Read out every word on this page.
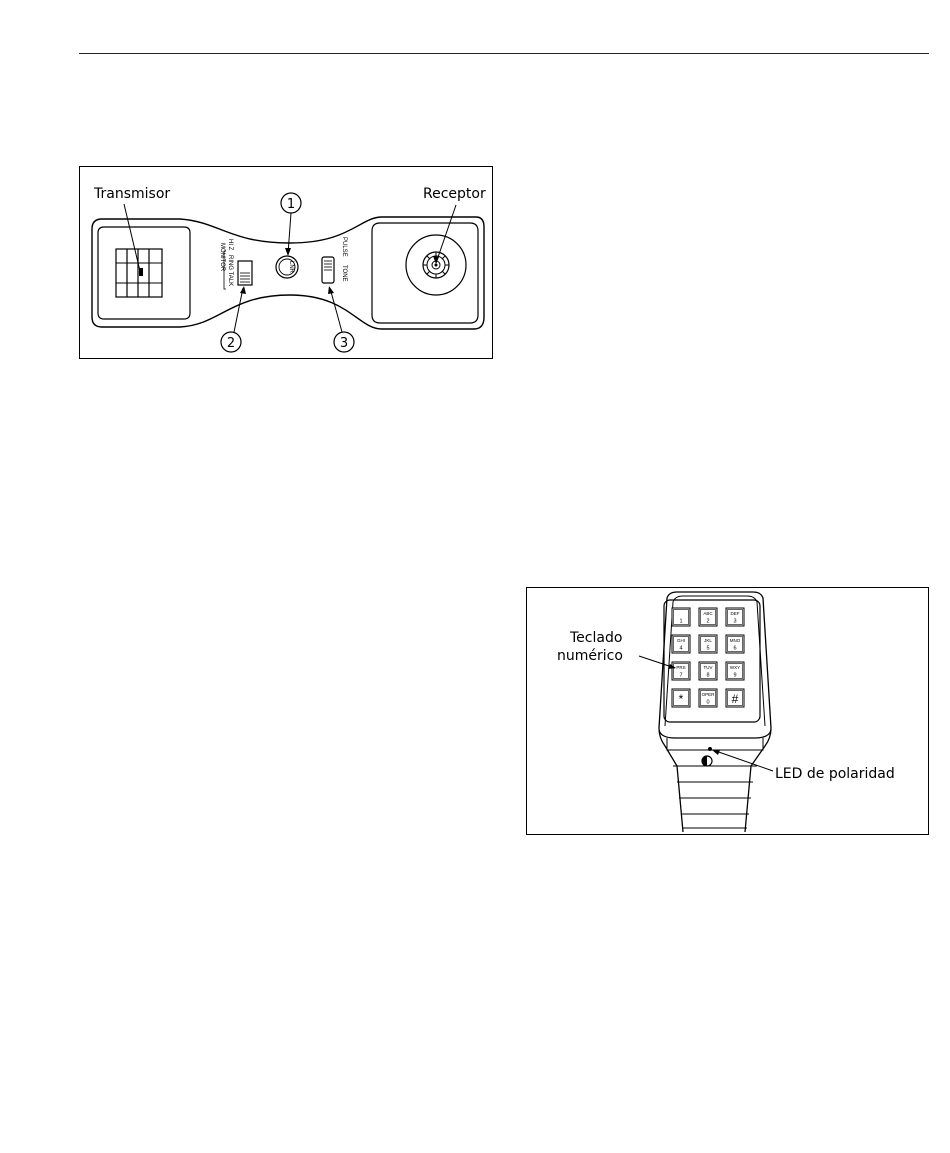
LNR
HI Z
RING TALK
MONITOR	PULSE
TONE
Transmisor	Receptor
1
2	3
1
ABC
2
DEF
3
GHI
4
JKL
5
MNO
6
PRS
7
TUV
8
WXY
9
*	OPER
0 #
Teclado
numérico
LED de polaridad
